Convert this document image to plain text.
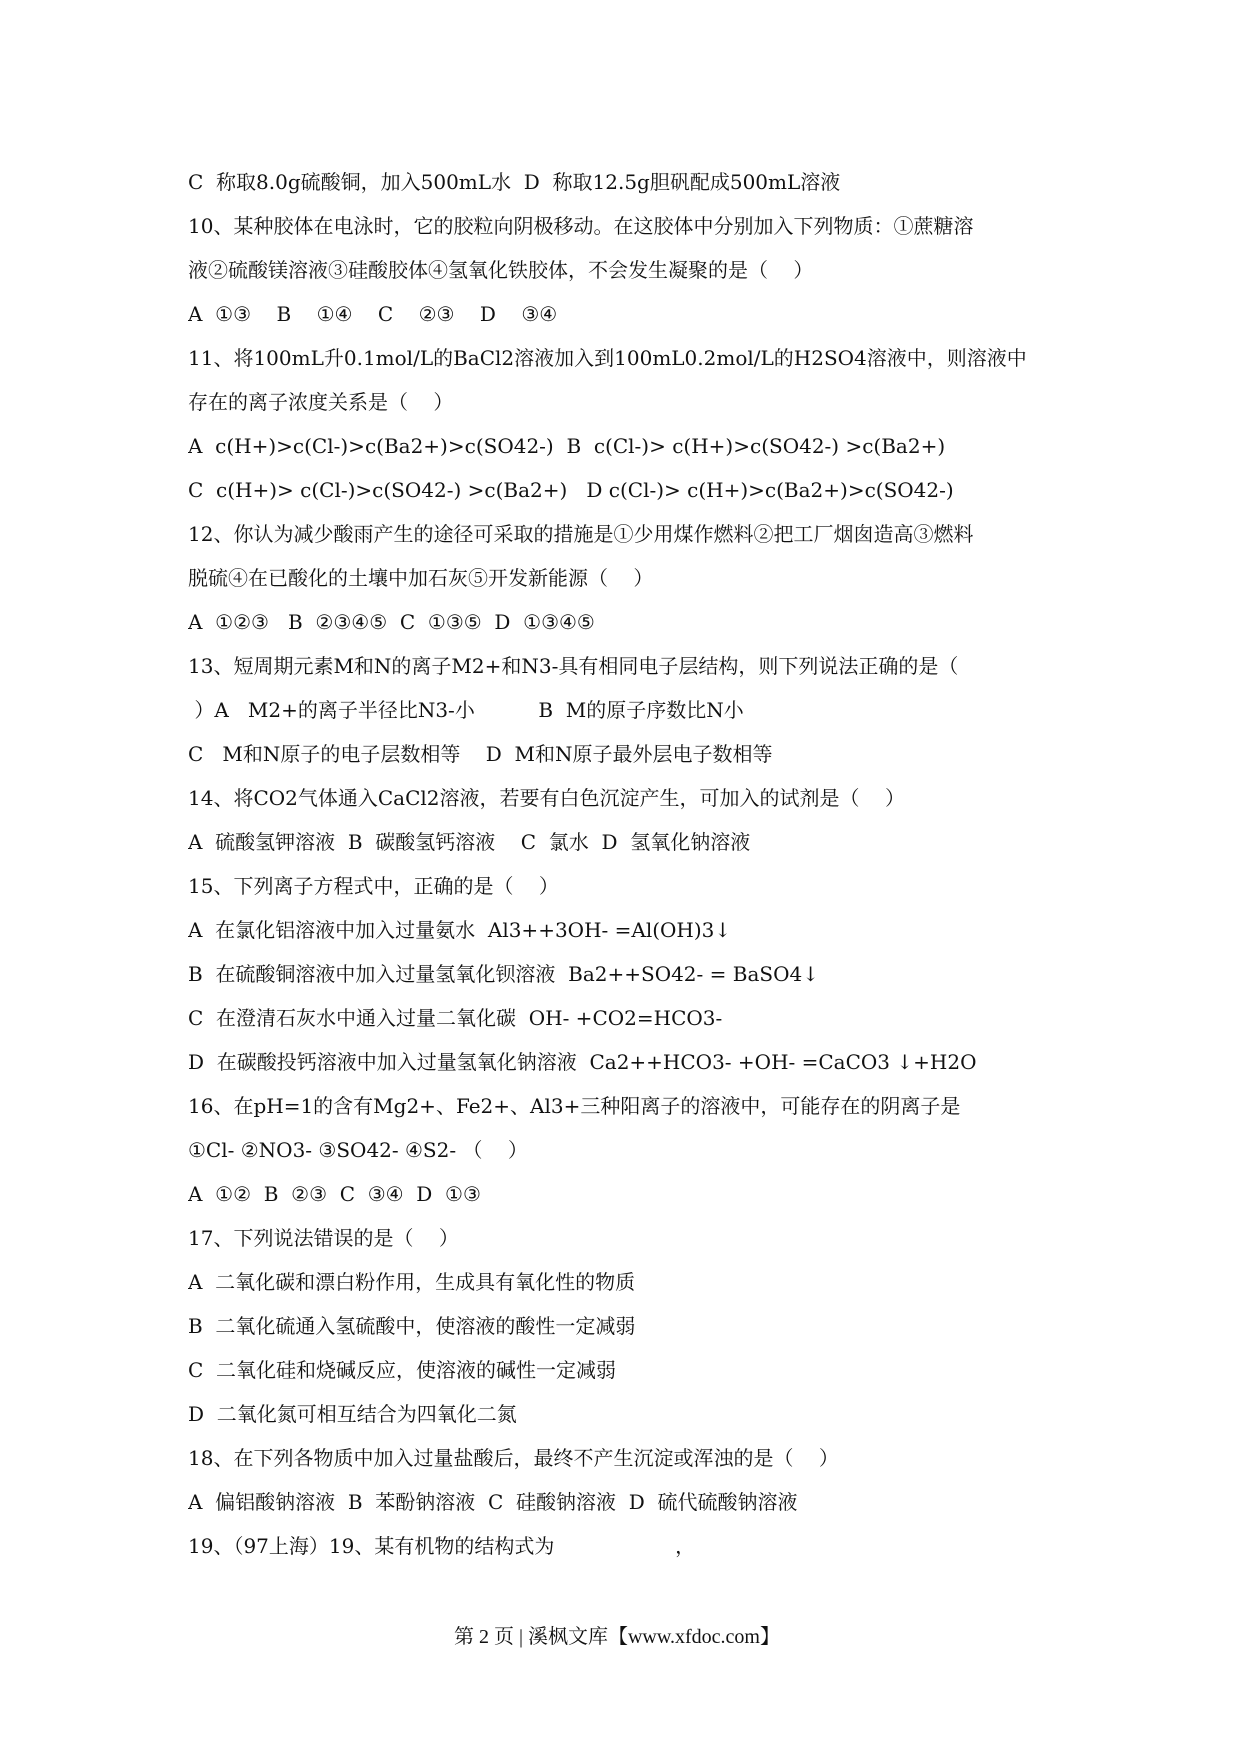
C  称取8.0g硫酸铜，加入500mL水  D  称取12.5g胆矾配成500mL溶液
10、某种胶体在电泳时，它的胶粒向阴极移动。在这胶体中分别加入下列物质：①蔗糖溶
液②硫酸镁溶液③硅酸胶体④氢氧化铁胶体，不会发生凝聚的是（    ）
A  ①③    B    ①④    C    ②③    D    ③④
11、将100mL升0.1mol/L的BaCl2溶液加入到100mL0.2mol/L的H2SO4溶液中，则溶液中
存在的离子浓度关系是（    ）
A  c(H+)>c(Cl-)>c(Ba2+)>c(SO42-)  B  c(Cl-)> c(H+)>c(SO42-) >c(Ba2+)
C  c(H+)> c(Cl-)>c(SO42-) >c(Ba2+)   D c(Cl-)> c(H+)>c(Ba2+)>c(SO42-)
12、你认为减少酸雨产生的途径可采取的措施是①少用煤作燃料②把工厂烟囱造高③燃料
脱硫④在已酸化的土壤中加石灰⑤开发新能源（    ）
A  ①②③   B  ②③④⑤  C  ①③⑤  D  ①③④⑤
13、短周期元素M和N的离子M2+和N3-具有相同电子层结构，则下列说法正确的是（
）A   M2+的离子半径比N3-小          B  M的原子序数比N小
C   M和N原子的电子层数相等    D  M和N原子最外层电子数相等
14、将CO2气体通入CaCl2溶液，若要有白色沉淀产生，可加入的试剂是（    ）
A  硫酸氢钾溶液  B  碳酸氢钙溶液    C  氯水  D  氢氧化钠溶液
15、下列离子方程式中，正确的是（    ）
A  在氯化铝溶液中加入过量氨水  Al3++3OH- =Al(OH)3↓
B  在硫酸铜溶液中加入过量氢氧化钡溶液  Ba2++SO42- = BaSO4↓
C  在澄清石灰水中通入过量二氧化碳  OH- +CO2=HCO3-
D  在碳酸投钙溶液中加入过量氢氧化钠溶液  Ca2++HCO3- +OH- =CaCO3 ↓+H2O
16、在pH=1的含有Mg2+、Fe2+、Al3+三种阳离子的溶液中，可能存在的阴离子是
①Cl- ②NO3- ③SO42- ④S2- （    ）
A  ①②  B  ②③  C  ③④  D  ①③
17、下列说法错误的是（    ）
A  二氧化碳和漂白粉作用，生成具有氧化性的物质
B  二氧化硫通入氢硫酸中，使溶液的酸性一定减弱
C  二氧化硅和烧碱反应，使溶液的碱性一定减弱
D  二氧化氮可相互结合为四氧化二氮
18、在下列各物质中加入过量盐酸后，最终不产生沉淀或浑浊的是（    ）
A  偏铝酸钠溶液  B  苯酚钠溶液  C  硅酸钠溶液  D  硫代硫酸钠溶液
19、（97上海）19、某有机物的结构式为                   ，
第 2 页 | 溪枫文库【www.xfdoc.com】
